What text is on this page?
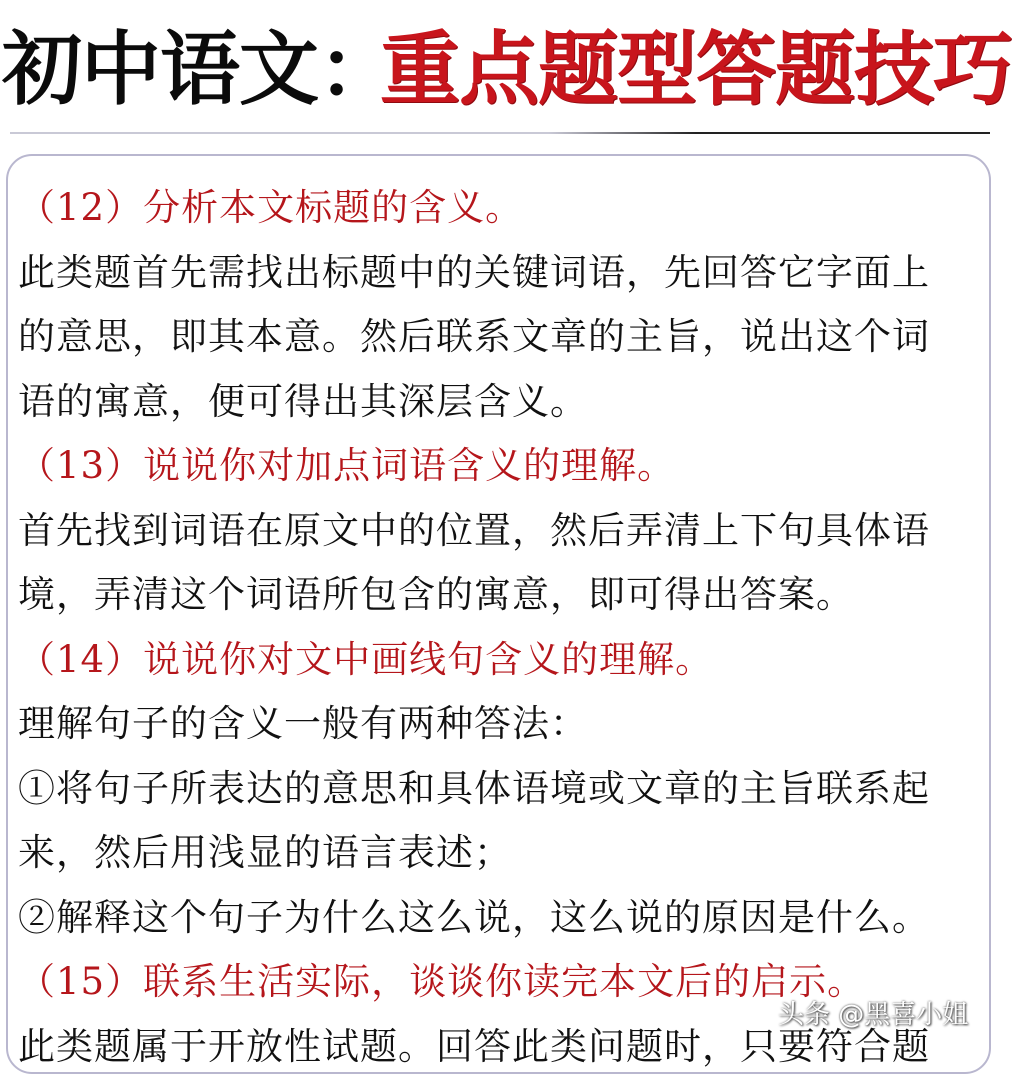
初中语文：
重点题型答题技巧
（12）分析本文标题的含义。
此类题首先需找出标题中的关键词语，先回答它字面上
的意思，即其本意。然后联系文章的主旨，说出这个词
语的寓意，便可得出其深层含义。
（13）说说你对加点词语含义的理解。
首先找到词语在原文中的位置，然后弄清上下句具体语
境，弄清这个词语所包含的寓意，即可得出答案。
（14）说说你对文中画线句含义的理解。
理解句子的含义一般有两种答法：
①将句子所表达的意思和具体语境或文章的主旨联系起
来，然后用浅显的语言表述；
②解释这个句子为什么这么说，这么说的原因是什么。
（15）联系生活实际，谈谈你读完本文后的启示。
此类题属于开放性试题。回答此类问题时，只要符合题
头条 @黑喜小姐
